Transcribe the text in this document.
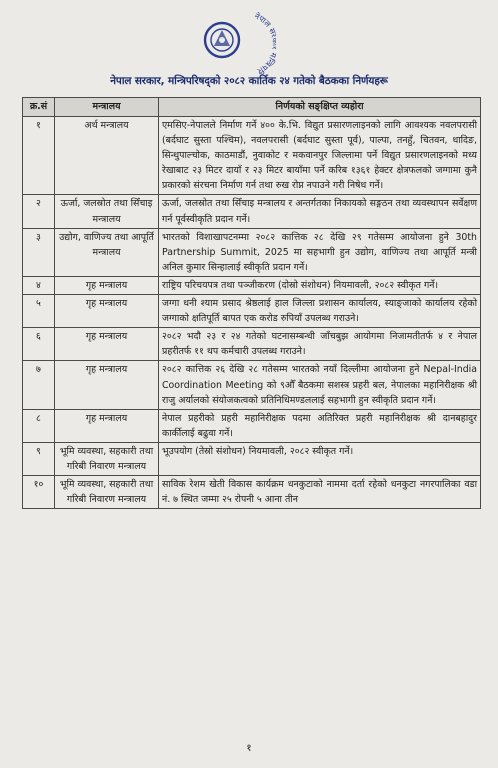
नेपाल न्त्रिपरि
नेपाल सरकार, मन्त्रिपरिषद्को २०८२ कार्तिक २४ गतेको बैठकका निर्णयहरू
क्र.सं	मन्त्रालय	निर्णयको सङ्क्षिप्त व्यहोरा
१	अर्थ मन्त्रालय	एमसिए-नेपालले निर्माण गर्ने ४०० के.भि. विद्युत प्रसारणलाइनको लागि आवश्यक नवलपरासी (बर्दघाट सुस्ता पश्चिम), नवलपरासी (बर्दघाट सुस्ता पूर्व), पाल्पा, तनहुँ, चितवन, धादिङ, सिन्धुपाल्चोक, काठमाडौं, नुवाकोट र मकवानपुर जिल्लामा पर्ने विद्युत प्रसारणलाइनको मध्य रेखाबाट २३ मिटर दायाँ र २३ मिटर बायाँमा पर्ने करिब १३६१ हेक्टर क्षेत्रफलको जग्गामा कुनै प्रकारको संरचना निर्माण गर्न तथा रुख रोप्न नपाउने गरी निषेध गर्ने।
२	ऊर्जा, जलस्रोत तथा सिँचाइ मन्त्रालय	ऊर्जा, जलस्रोत तथा सिँचाइ मन्त्रालय र अन्तर्गतका निकायको सङ्गठन तथा व्यवस्थापन सर्वेक्षण गर्न पूर्वस्वीकृति प्रदान गर्ने।
३	उद्योग, वाणिज्य तथा आपूर्ति मन्त्रालय	भारतको विशाखापटनम्मा २०८२ कात्तिक २८ देखि २९ गतेसम्म आयोजना हुने 30th Partnership Summit, 2025 मा सहभागी हुन उद्योग, वाणिज्य तथा आपूर्ति मन्त्री अनिल कुमार सिन्हालाई स्वीकृति प्रदान गर्ने।
४	गृह मन्त्रालय	राष्ट्रिय परिचयपत्र तथा पञ्जीकरण (दोस्रो संशोधन) नियमावली, २०८२ स्वीकृत गर्ने।
५	गृह मन्त्रालय	जग्गा धनी श्याम प्रसाद श्रेष्ठलाई हाल जिल्ला प्रशासन कार्यालय, स्याङ्जाको कार्यालय रहेको जग्गाको क्षतिपूर्ति बापत एक करोड रुपियाँ उपलब्ध गराउने।
६	गृह मन्त्रालय	२०८२ भदौ २३ र २४ गतेको घटनासम्बन्धी जाँचबुझ आयोगमा निजामतीतर्फ ४ र नेपाल प्रहरीतर्फ ११ थप कर्मचारी उपलब्ध गराउने।
७	गृह मन्त्रालय	२०८२ कात्तिक २६ देखि २८ गतेसम्म भारतको नयाँ दिल्लीमा आयोजना हुने Nepal-India Coordination Meeting को ९औँ बैठकमा सशस्त्र प्रहरी बल, नेपालका महानिरीक्षक श्री राजु अर्यालको संयोजकत्वको प्रतिनिधिमण्डललाई सहभागी हुन स्वीकृति प्रदान गर्ने।
८	गृह मन्त्रालय	नेपाल प्रहरीको प्रहरी महानिरीक्षक पदमा अतिरिक्त प्रहरी महानिरीक्षक श्री दानबहादुर कार्कीलाई बढुवा गर्ने।
९	भूमि व्यवस्था, सहकारी तथा गरिबी निवारण मन्त्रालय	भूउपयोग (तेस्रो संशोधन) नियमावली, २०८२ स्वीकृत गर्ने।
१०	भूमि व्यवस्था, सहकारी तथा गरिबी निवारण मन्त्रालय	साविक रेशम खेती विकास कार्यक्रम धनकुटाको नाममा दर्ता रहेको धनकुटा नगरपालिका वडा नं. ७ स्थित जम्मा २५ रोपनी ५ आना तीन
१
